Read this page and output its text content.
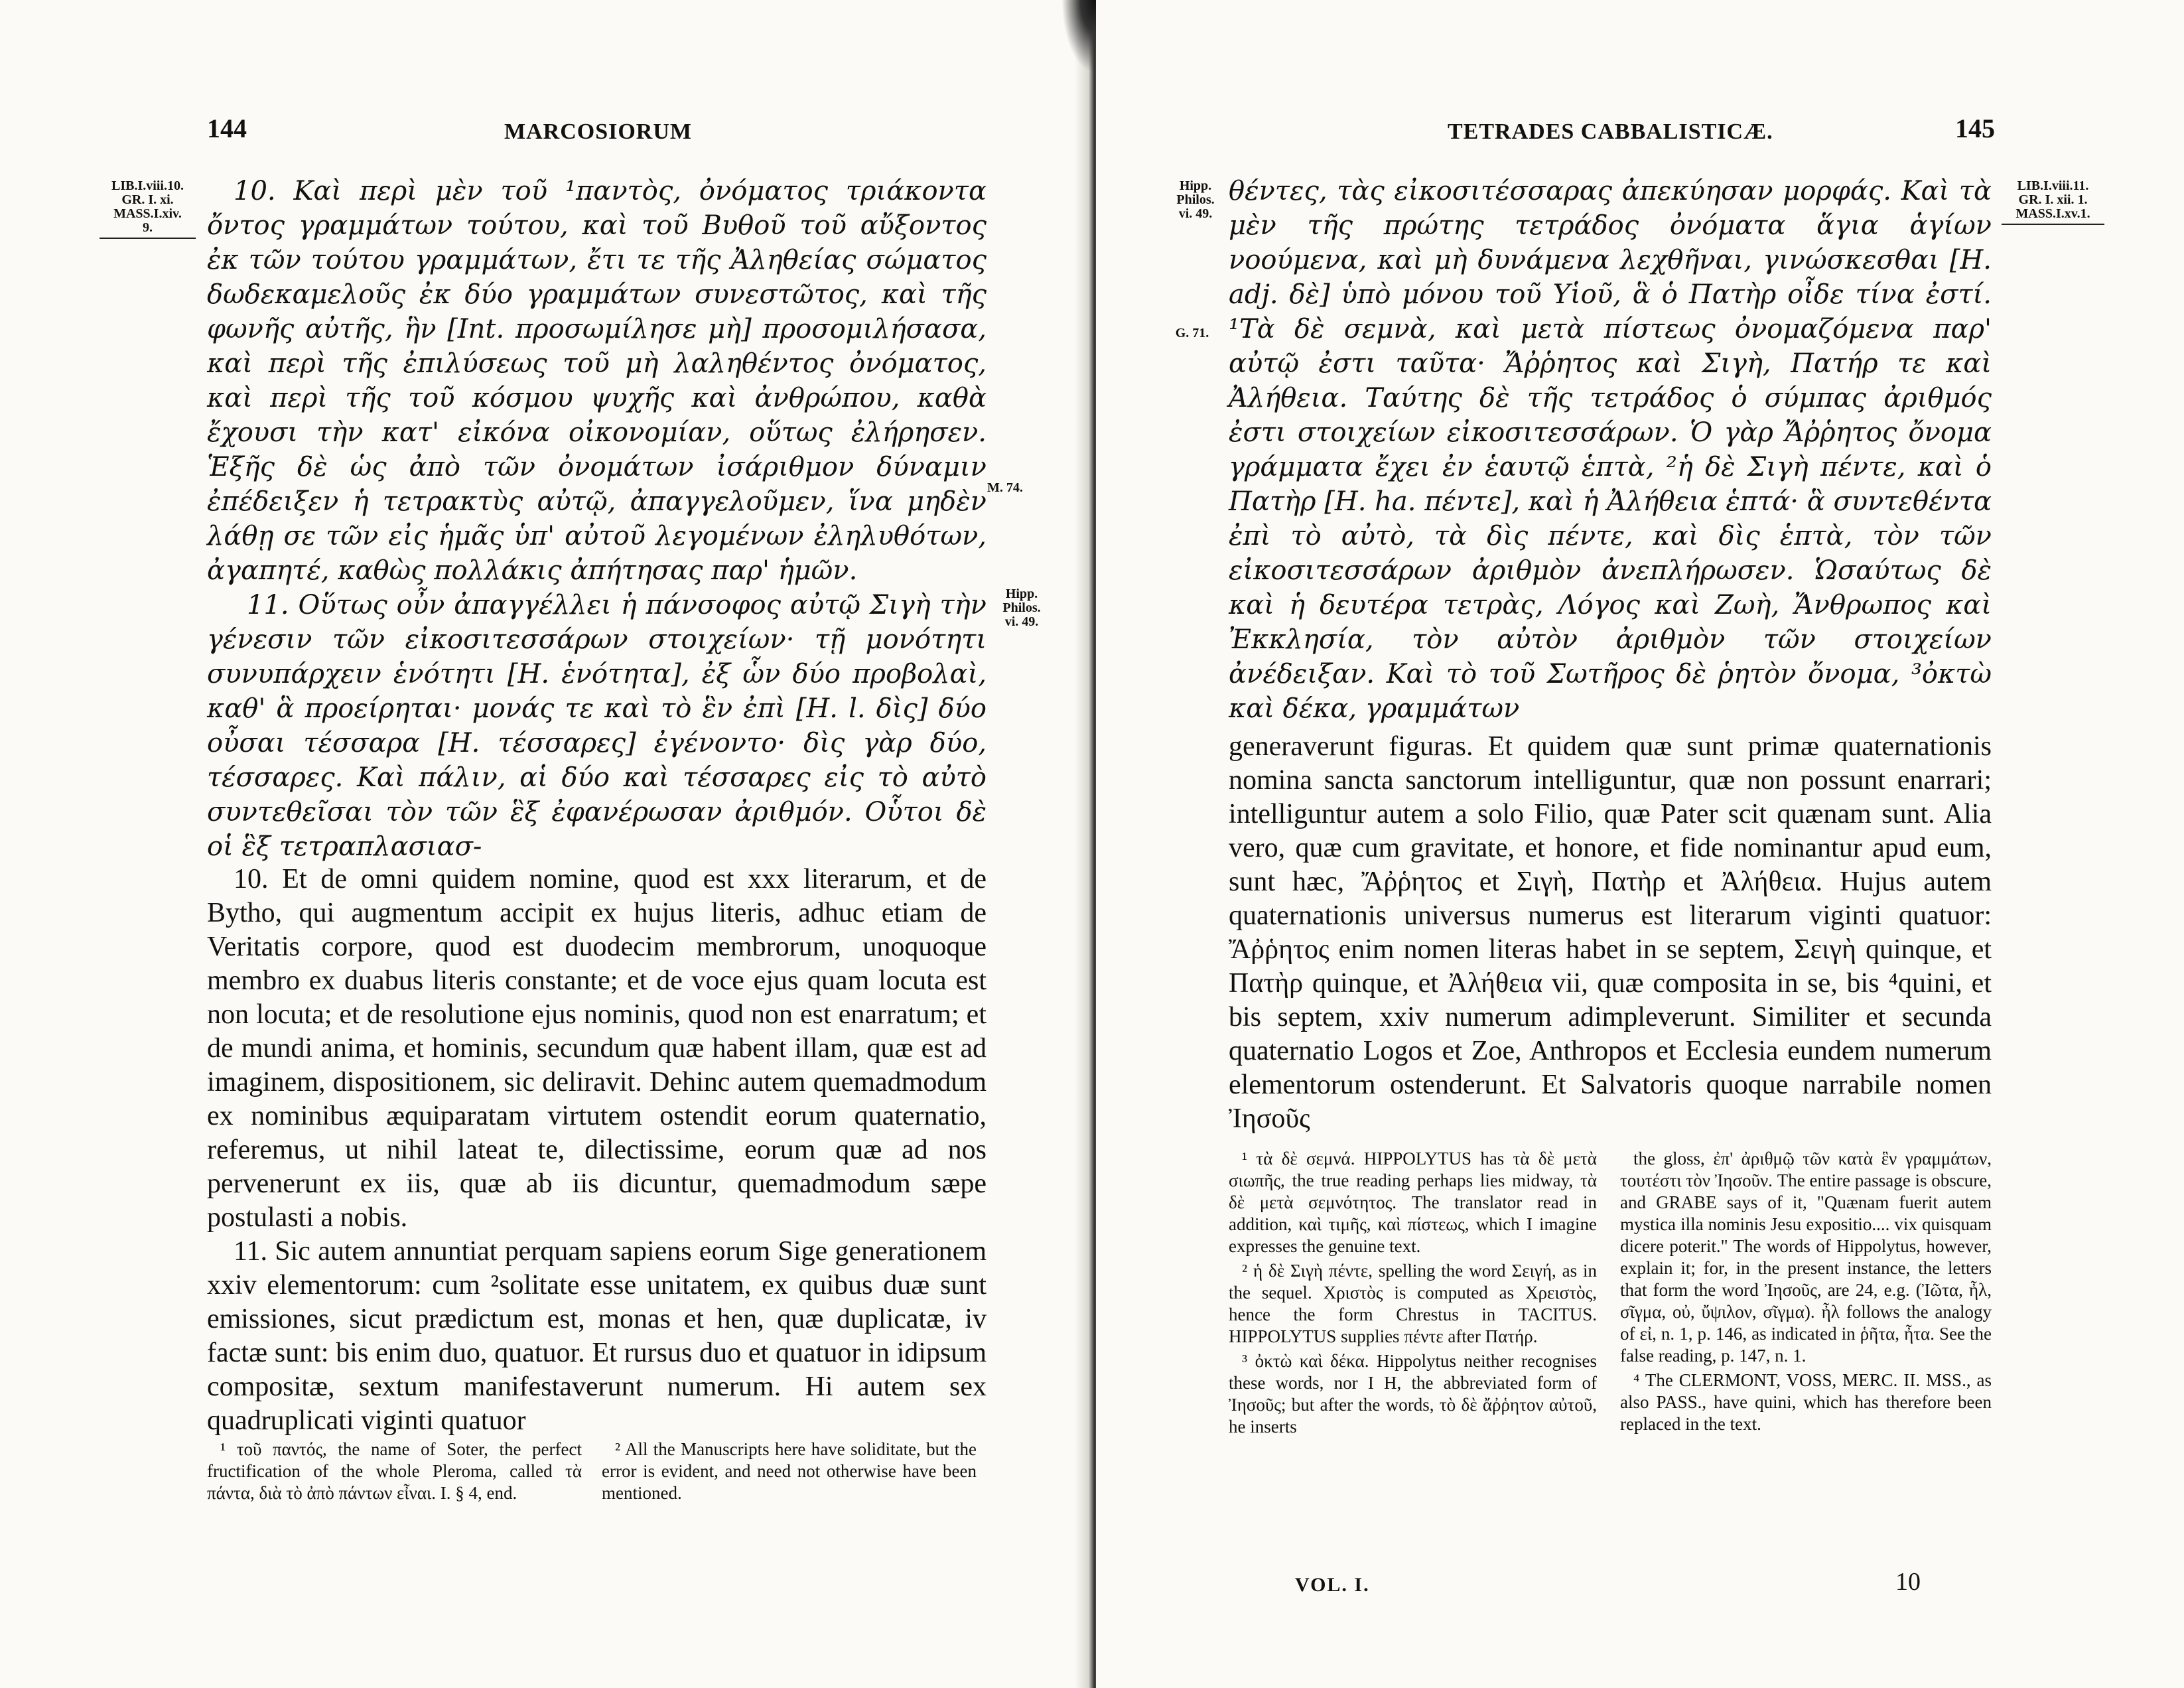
144	MARCOSIORUM
LIB.I.viii.10.
GR. I. xi.
MASS.I.xiv.
9.

10. Καὶ περὶ μὲν τοῦ ¹παντὸς, ὀνόματος τριάκοντα ὄντος γραμμάτων τούτου, καὶ τοῦ Βυθοῦ τοῦ αὔξοντος ἐκ τῶν τούτου γραμμάτων, ἔτι τε τῆς Ἀληθείας σώματος δωδεκαμελοῦς ἐκ δύο γραμμάτων συνεστῶτος, καὶ τῆς φωνῆς αὐτῆς, ἣν [Int. προσωμίλησε μὴ] προσομιλήσασα, καὶ περὶ τῆς ἐπιλύσεως τοῦ μὴ λαληθέντος ὀνόματος, καὶ περὶ τῆς τοῦ κόσμου ψυχῆς καὶ ἀνθρώπου, καθὰ ἔχουσι τὴν κατ' εἰκόνα οἰκονομίαν, οὕτως ἐλήρησεν. Ἑξῆς δὲ ὡς ἀπὸ τῶν ὀνομάτων ἰσάριθμον δύναμιν ἐπέδειξεν ἡ τετρακτὺς αὐτῷ, ἀπαγγελοῦμεν, ἵνα μηδὲν λάθῃ σε τῶν εἰς ἡμᾶς ὑπ' αὐτοῦ λεγομένων ἐληλυθότων, ἀγαπητέ, καθὼς πολλάκις ἀπήτησας παρ' ἡμῶν.

11. Οὕτως οὖν ἀπαγγέλλει ἡ πάνσοφος αὐτῷ Σιγὴ τὴν γένεσιν τῶν εἰκοσιτεσσάρων στοιχείων· τῇ μονότητι συνυπάρχειν ἑνότητι [H. ἑνότητα], ἐξ ὧν δύο προβολαὶ, καθ' ἃ προείρηται· μονάς τε καὶ τὸ ἓν ἐπὶ [H. l. δὶς] δύο οὖσαι τέσσαρα [H. τέσσαρες] ἐγένοντο· δὶς γὰρ δύο, τέσσαρες. Καὶ πάλιν, αἱ δύο καὶ τέσσαρες εἰς τὸ αὐτὸ συντεθεῖσαι τὸν τῶν ἓξ ἐφανέρωσαν ἀριθμόν. Οὗτοι δὲ οἱ ἓξ τετραπλασιασ-

M. 74.
Hipp.
Philos.
vi. 49.

10. Et de omni quidem nomine, quod est xxx literarum, et de Bytho, qui augmentum accipit ex hujus literis, adhuc etiam de Veritatis corpore, quod est duodecim membrorum, unoquoque membro ex duabus literis constante; et de voce ejus quam locuta est non locuta; et de resolutione ejus nominis, quod non est enarratum; et de mundi anima, et hominis, secundum quæ habent illam, quæ est ad imaginem, dispositionem, sic deliravit. Dehinc autem quemadmodum ex nominibus æquiparatam virtutem ostendit eorum quaternatio, referemus, ut nihil lateat te, dilectissime, eorum quæ ad nos pervenerunt ex iis, quæ ab iis dicuntur, quemadmodum sæpe postulasti a nobis.

11. Sic autem annuntiat perquam sapiens eorum Sige generationem xxiv elementorum: cum ²solitate esse unitatem, ex quibus duæ sunt emissiones, sicut prædictum est, monas et hen, quæ duplicatæ, iv factæ sunt: bis enim duo, quatuor. Et rursus duo et quatuor in idipsum compositæ, sextum manifestaverunt numerum. Hi autem sex quadruplicati viginti quatuor

¹ τοῦ παντός, the name of Soter, the perfect fructification of the whole Pleroma, called τὰ πάντα, διὰ τὸ ἀπὸ πάντων εἶναι. I. § 4, end.

² All the Manuscripts here have soliditate, but the error is evident, and need not otherwise have been mentioned.

TETRADES CABBALISTICÆ.	145
Hipp.
Philos.
vi. 49.
G. 71.
LIB.I.viii.11.
GR. I. xii. 1.
MASS.I.xv.1.

θέντες, τὰς εἰκοσιτέσσαρας ἀπεκύησαν μορφάς. Καὶ τὰ μὲν τῆς πρώτης τετράδος ὀνόματα ἅγια ἁγίων νοούμενα, καὶ μὴ δυνάμενα λεχθῆναι, γινώσκεσθαι [H. adj. δὲ] ὑπὸ μόνου τοῦ Υἱοῦ, ἃ ὁ Πατὴρ οἶδε τίνα ἐστί. ¹Τὰ δὲ σεμνὰ, καὶ μετὰ πίστεως ὀνομαζόμενα παρ' αὐτῷ ἐστι ταῦτα· Ἄῤῥητος καὶ Σιγὴ, Πατήρ τε καὶ Ἀλήθεια. Ταύτης δὲ τῆς τετράδος ὁ σύμπας ἀριθμός ἐστι στοιχείων εἰκοσιτεσσάρων. Ὁ γὰρ Ἄῤῥητος ὄνομα γράμματα ἔχει ἐν ἑαυτῷ ἑπτὰ, ²ἡ δὲ Σιγὴ πέντε, καὶ ὁ Πατὴρ [H. ha. πέντε], καὶ ἡ Ἀλήθεια ἑπτά· ἃ συντεθέντα ἐπὶ τὸ αὐτὸ, τὰ δὶς πέντε, καὶ δὶς ἑπτὰ, τὸν τῶν εἰκοσιτεσσάρων ἀριθμὸν ἀνεπλήρωσεν. Ὡσαύτως δὲ καὶ ἡ δευτέρα τετρὰς, Λόγος καὶ Ζωὴ, Ἄνθρωπος καὶ Ἐκκλησία, τὸν αὐτὸν ἀριθμὸν τῶν στοιχείων ἀνέδειξαν. Καὶ τὸ τοῦ Σωτῆρος δὲ ῥητὸν ὄνομα, ³ὀκτὼ καὶ δέκα, γραμμάτων

generaverunt figuras. Et quidem quæ sunt primæ quaternationis nomina sancta sanctorum intelliguntur, quæ non possunt enarrari; intelliguntur autem a solo Filio, quæ Pater scit quænam sunt. Alia vero, quæ cum gravitate, et honore, et fide nominantur apud eum, sunt hæc, Ἄῤῥητος et Σιγὴ, Πατὴρ et Ἀλήθεια. Hujus autem quaternationis universus numerus est literarum viginti quatuor: Ἄῤῥητος enim nomen literas habet in se septem, Σειγὴ quinque, et Πατὴρ quinque, et Ἀλήθεια vii, quæ composita in se, bis ⁴quini, et bis septem, xxiv numerum adimpleverunt. Similiter et secunda quaternatio Logos et Zoe, Anthropos et Ecclesia eundem numerum elementorum ostenderunt. Et Salvatoris quoque narrabile nomen Ἰησοῦς

¹ τὰ δὲ σεμνά. HIPPOLYTUS has τὰ δὲ μετὰ σιωπῆς, the true reading perhaps lies midway, τὰ δὲ μετὰ σεμνότητος. The translator read in addition, καὶ τιμῆς, καὶ πίστεως, which I imagine expresses the genuine text.

² ἡ δὲ Σιγὴ πέντε, spelling the word Σειγή, as in the sequel. Χριστὸς is computed as Χρειστὸς, hence the form Chrestus in TACITUS. HIPPOLYTUS supplies πέντε after Πατήρ.

³ ὀκτὼ καὶ δέκα. Hippolytus neither recognises these words, nor I H, the abbreviated form of Ἰησοῦς; but after the words, τὸ δὲ ἄῤῥητον αὐτοῦ, he inserts

the gloss, ἐπ' ἀριθμῷ τῶν κατὰ ἓν γραμμάτων, τουτέστι τὸν Ἰησοῦν. The entire passage is obscure, and GRABE says of it, "Quænam fuerit autem mystica illa nominis Jesu expositio.... vix quisquam dicere poterit." The words of Hippolytus, however, explain it; for, in the present instance, the letters that form the word Ἰησοῦς, are 24, e.g. (Ἰῶτα, ἦλ, σῖγμα, οὐ, ὔψιλον, σῖγμα). ἦλ follows the analogy of εἰ, n. 1, p. 146, as indicated in ῥῆτα, ἦτα. See the false reading, p. 147, n. 1.

⁴ The CLERMONT, VOSS, MERC. II. MSS., as also PASS., have quini, which has therefore been replaced in the text.

VOL. I.	10
